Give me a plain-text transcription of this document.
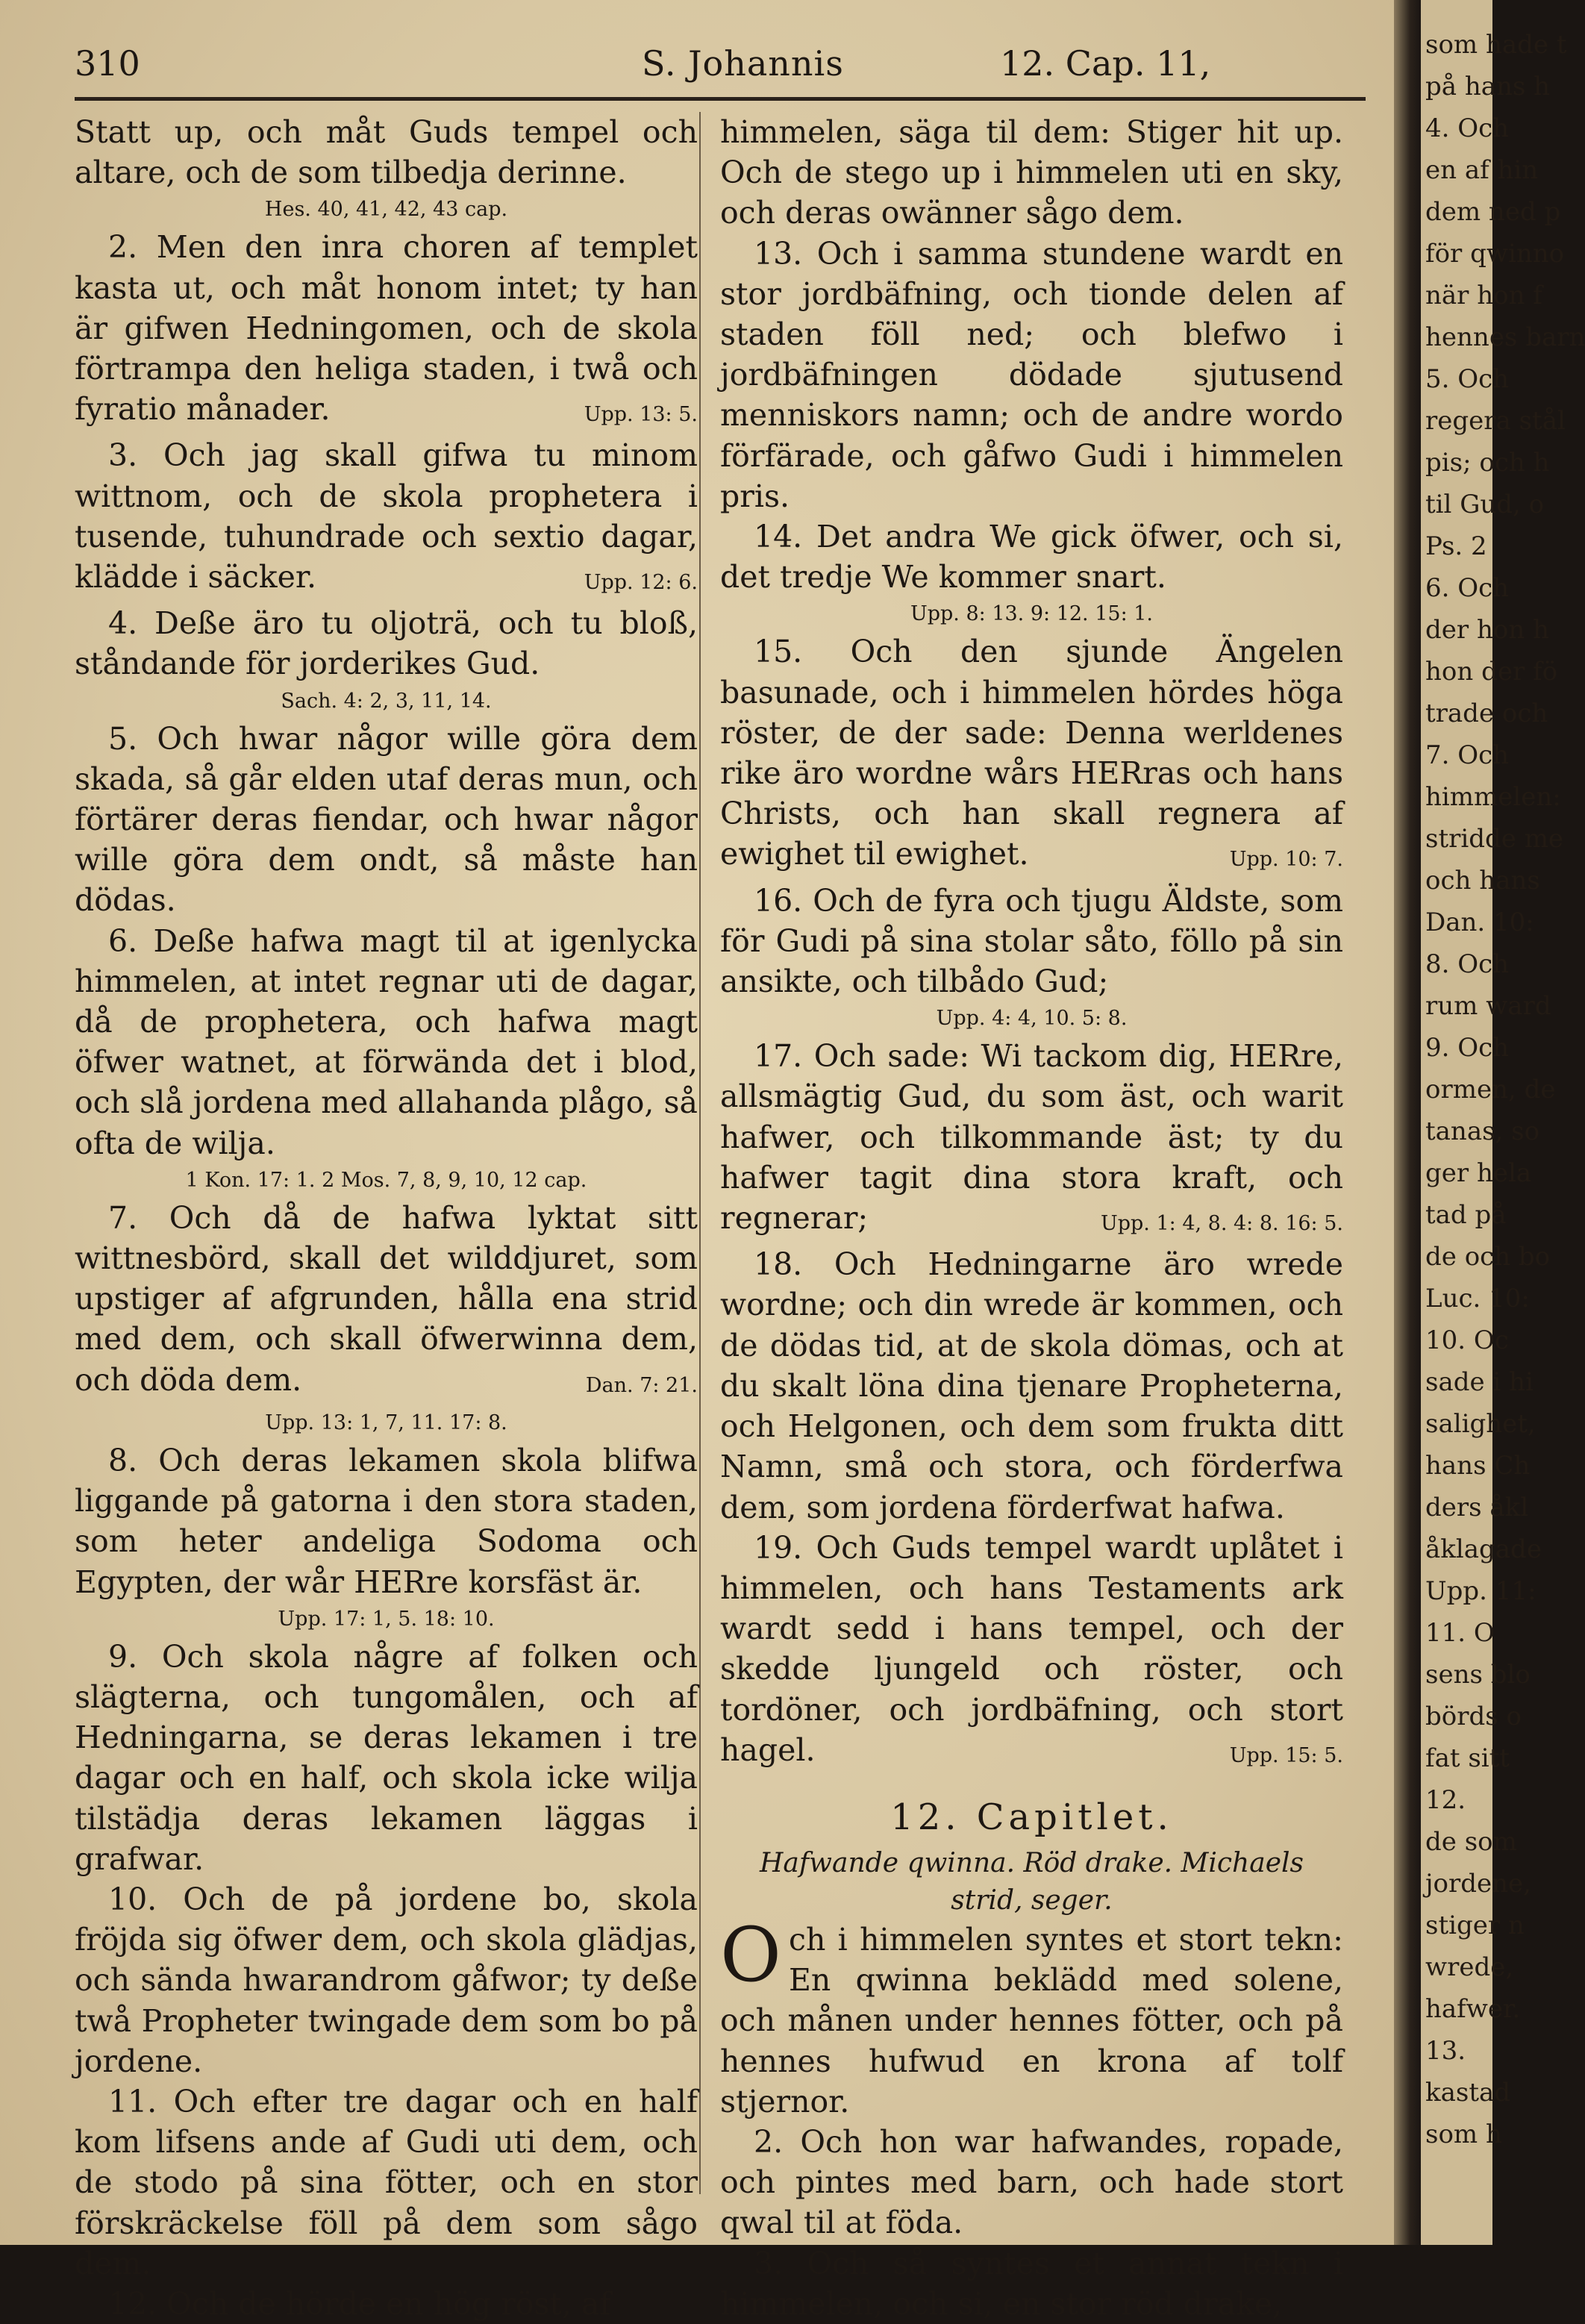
310	S. Johannis	12. Cap. 11,

Statt up, och måt Guds tempel och altare, och de som tilbedja derinne.

Hes. 40, 41, 42, 43 cap.

2. Men den inra choren af templet kasta ut, och måt honom intet; ty han är gifwen Hedningomen, och de skola förtrampa den heliga staden, i twå och fyratio månader.	Upp. 13: 5.

3. Och jag skall gifwa tu minom wittnom, och de skola prophetera i tusende, tuhundrade och sextio dagar, klädde i säcker.	Upp. 12: 6.

4. Deße äro tu oljoträ, och tu bloß, ståndande för jorderikes Gud.

Sach. 4: 2, 3, 11, 14.

5. Och hwar någor wille göra dem skada, så går elden utaf deras mun, och förtärer deras fiendar, och hwar någor wille göra dem ondt, så måste han dödas.

6. Deße hafwa magt til at igenlycka himmelen, at intet regnar uti de dagar, då de prophetera, och hafwa magt öfwer watnet, at förwända det i blod, och slå jordena med allahanda plågo, så ofta de wilja.

1 Kon. 17: 1. 2 Mos. 7, 8, 9, 10, 12 cap.

7. Och då de hafwa lyktat sitt wittnesbörd, skall det wilddjuret, som upstiger af afgrunden, hålla ena strid med dem, och skall öfwerwinna dem, och döda dem.	Dan. 7: 21.

Upp. 13: 1, 7, 11. 17: 8.

8. Och deras lekamen skola blifwa liggande på gatorna i den stora staden, som heter andeliga Sodoma och Egypten, der wår HERre korsfäst är.

Upp. 17: 1, 5. 18: 10.

9. Och skola någre af folken och slägterna, och tungomålen, och af Hedningarna, se deras lekamen i tre dagar och en half, och skola icke wilja tilstädja deras lekamen läggas i grafwar.

10. Och de på jordene bo, skola fröjda sig öfwer dem, och skola glädjas, och sända hwarandrom gåfwor; ty deße twå Propheter twingade dem som bo på jordene.

11. Och efter tre dagar och en half kom lifsens ande af Gudi uti dem, och de stodo på sina fötter, och en stor förskräckelse föll på dem som sågo dem.

12. Och de hörde en hög röst, af

himmelen, säga til dem: Stiger hit up. Och de stego up i himmelen uti en sky, och deras owänner sågo dem.

13. Och i samma stundene wardt en stor jordbäfning, och tionde delen af staden föll ned; och blefwo i jordbäfningen dödade sjutusend menniskors namn; och de andre wordo förfärade, och gåfwo Gudi i himmelen pris.

14. Det andra We gick öfwer, och si, det tredje We kommer snart.

Upp. 8: 13. 9: 12. 15: 1.

15. Och den sjunde Ängelen basunade, och i himmelen hördes höga röster, de der sade: Denna werldenes rike äro wordne wårs HERras och hans Christs, och han skall regnera af ewighet til ewighet.	Upp. 10: 7.

16. Och de fyra och tjugu Äldste, som för Gudi på sina stolar såto, föllo på sin ansikte, och tilbådo Gud;

Upp. 4: 4, 10. 5: 8.

17. Och sade: Wi tackom dig, HERre, allsmägtig Gud, du som äst, och warit hafwer, och tilkommande äst; ty du hafwer tagit dina stora kraft, och regnerar;	Upp. 1: 4, 8. 4: 8. 16: 5.

18. Och Hedningarne äro wrede wordne; och din wrede är kommen, och de dödas tid, at de skola dömas, och at du skalt löna dina tjenare Propheterna, och Helgonen, och dem som frukta ditt Namn, små och stora, och förderfwa dem, som jordena förderfwat hafwa.

19. Och Guds tempel wardt uplåtet i himmelen, och hans Testaments ark wardt sedd i hans tempel, och der skedde ljungeld och röster, och tordöner, och jordbäfning, och stort hagel.	Upp. 15: 5.

12. Capitlet.

Hafwande qwinna. Röd drake. Michaels strid, seger.

Och i himmelen syntes et stort tekn: En qwinna beklädd med solene, och månen under hennes fötter, och på hennes hufwud en krona af tolf stjernor.

2. Och hon war hafwandes, ropade, och pintes med barn, och hade stort qwal til at föda.

3. Och så syntes et annat tekn i himmelen, och si, en stor röd drake,

som hade t
på hans h
4. Och
en af hin
dem ned p
för qwinno
när hon f
hennes barn
5. Och
regera stål
pis; och h
til Gud, o
Ps. 2
6. Och
der hon h
hon der fö
trade och
7. Och
himmelen:
stridde me
och hans
Dan. 10:
8. Och
rum ward
9. Och
ormen, de
tanas, so
ger hela
tad på
de och bo
Luc. 10:
10. Oc
sade i hi
salighet,
hans Ch
ders åkl
åklagade
Upp. 11:
11. O
sens blo
börds o
fat sitt
12.
de som
jordene,
stiger n
wrede,
hafwer.
13.
kastad
som h
